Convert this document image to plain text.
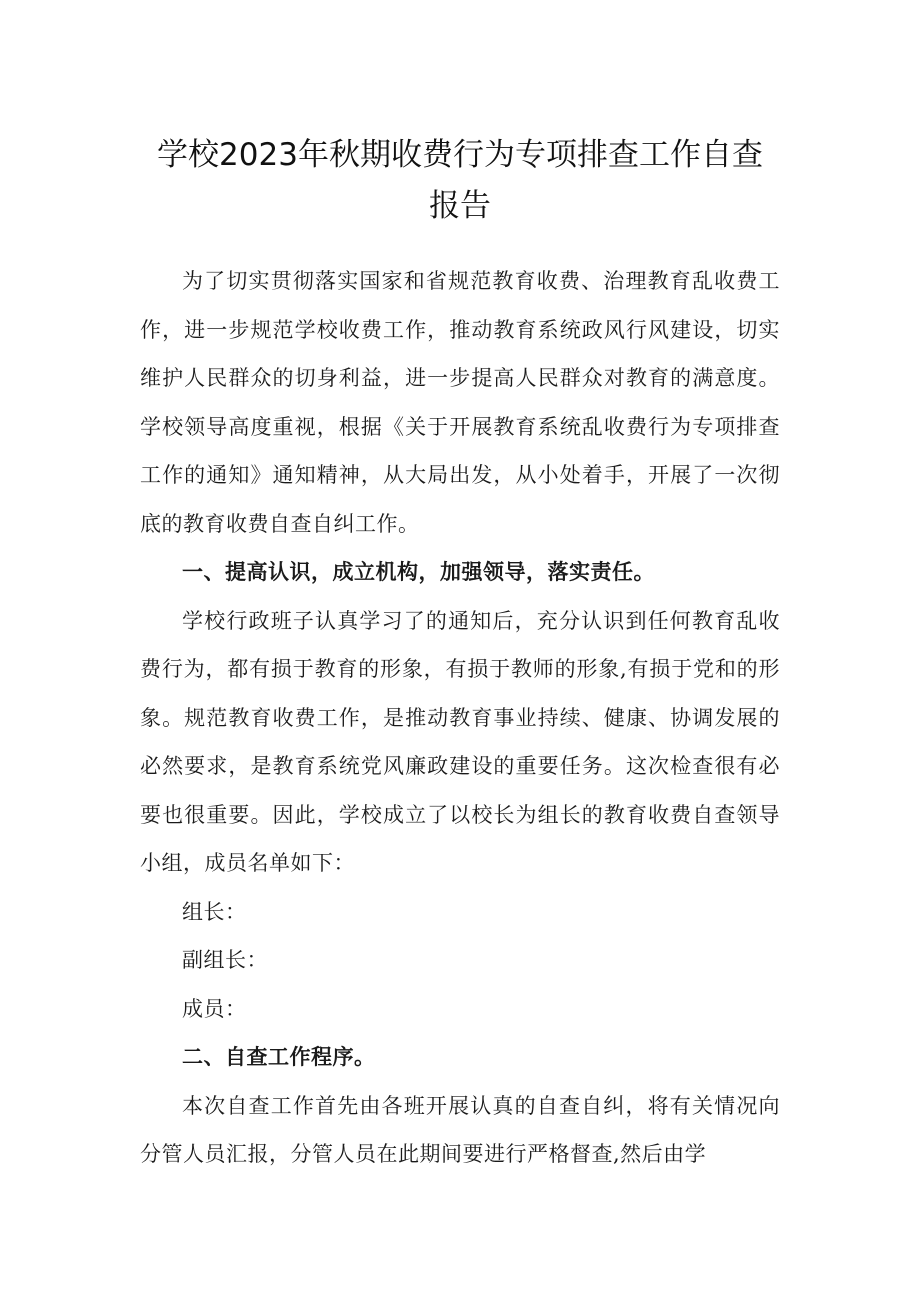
学校2023年秋期收费行为专项排查工作自查
报告

为了切实贯彻落实国家和省规范教育收费、治理教育乱收费工作，进一步规范学校收费工作，推动教育系统政风行风建设，切实维护人民群众的切身利益，进一步提高人民群众对教育的满意度。学校领导高度重视，根据《关于开展教育系统乱收费行为专项排查工作的通知》通知精神，从大局出发，从小处着手，开展了一次彻底的教育收费自查自纠工作。

一、提高认识，成立机构，加强领导，落实责任。

学校行政班子认真学习了的通知后，充分认识到任何教育乱收费行为，都有损于教育的形象，有损于教师的形象,有损于党和的形象。规范教育收费工作，是推动教育事业持续、健康、协调发展的必然要求，是教育系统党风廉政建设的重要任务。这次检查很有必要也很重要。因此，学校成立了以校长为组长的教育收费自查领导小组，成员名单如下：

组长：

副组长：

成员：

二、自查工作程序。

本次自查工作首先由各班开展认真的自查自纠，将有关情况向分管人员汇报，分管人员在此期间要进行严格督查,然后由学
